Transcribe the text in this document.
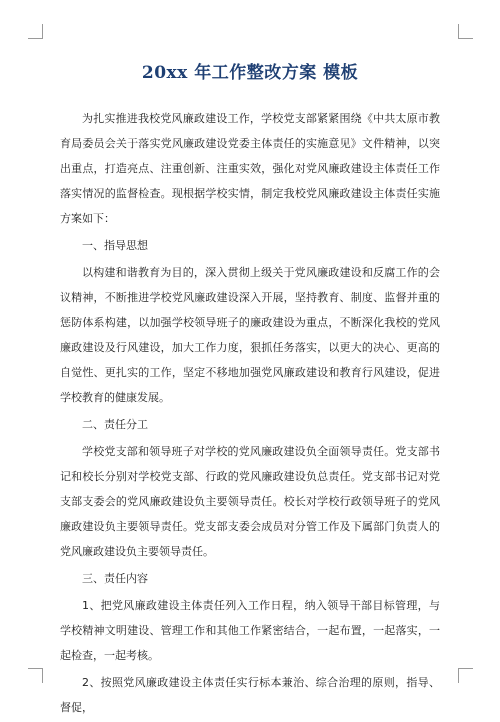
20xx 年工作整改方案 模板

为扎实推进我校党风廉政建设工作，学校党支部紧紧围绕《中共太原市教育局委员会关于落实党风廉政建设党委主体责任的实施意见》文件精神，以突出重点，打造亮点、注重创新、注重实效，强化对党风廉政建设主体责任工作落实情况的监督检查。现根据学校实情，制定我校党风廉政建设主体责任实施方案如下：

一、指导思想

以构建和谐教育为目的，深入贯彻上级关于党风廉政建设和反腐工作的会议精神，不断推进学校党风廉政建设深入开展，坚持教育、制度、监督并重的惩防体系构建，以加强学校领导班子的廉政建设为重点，不断深化我校的党风廉政建设及行风建设，加大工作力度，狠抓任务落实，以更大的决心、更高的自觉性、更扎实的工作，坚定不移地加强党风廉政建设和教育行风建设，促进学校教育的健康发展。

二、责任分工

学校党支部和领导班子对学校的党风廉政建设负全面领导责任。党支部书记和校长分别对学校党支部、行政的党风廉政建设负总责任。党支部书记对党支部支委会的党风廉政建设负主要领导责任。校长对学校行政领导班子的党风廉政建设负主要领导责任。党支部支委会成员对分管工作及下属部门负责人的党风廉政建设负主要领导责任。

三、责任内容

1、把党风廉政建设主体责任列入工作日程，纳入领导干部目标管理，与学校精神文明建设、管理工作和其他工作紧密结合，一起布置，一起落实，一起检查，一起考核。

2、按照党风廉政建设主体责任实行标本兼治、综合治理的原则，指导、督促，
